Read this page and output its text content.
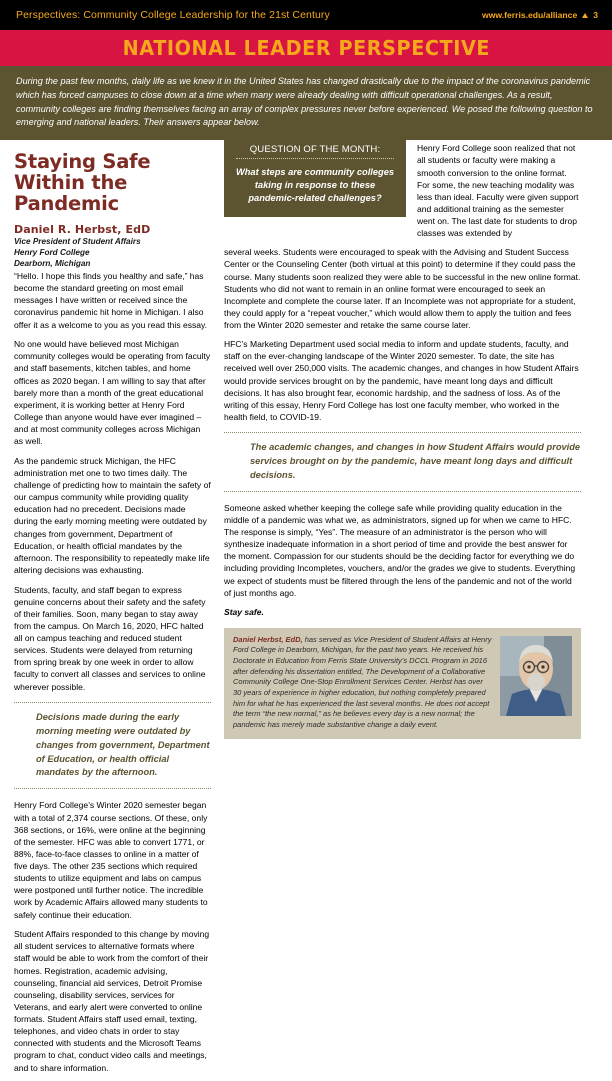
Perspectives: Community College Leadership for the 21st Century	www.ferris.edu/alliance 3
NATIONAL LEADER PERSPECTIVE
During the past few months, daily life as we knew it in the United States has changed drastically due to the impact of the coronavirus pandemic which has forced campuses to close down at a time when many were already dealing with difficult operational challenges. As a result, community colleges are finding themselves facing an array of complex pressures never before experienced. We posed the following question to emerging and national leaders. Their answers appear below.
Staying Safe Within the Pandemic
Daniel R. Herbst, EdD
Vice President of Student Affairs
Henry Ford College
Dearborn, Michigan

“Hello. I hope this finds you healthy and safe,” has become the standard greeting on most email messages I have written or received since the coronavirus pandemic hit home in Michigan. I also offer it as a welcome to you as you read this essay.

No one would have believed most Michigan community colleges would be operating from faculty and staff basements, kitchen tables, and home offices as 2020 began. I am willing to say that after barely more than a month of the great educational experiment, it is working better at Henry Ford College than anyone would have ever imagined – and at most community colleges across Michigan as well.

As the pandemic struck Michigan, the HFC administration met one to two times daily. The challenge of predicting how to maintain the safety of our campus community while providing quality education had no precedent. Decisions made during the early morning meeting were outdated by changes from government, Department of Education, or health official mandates by the afternoon. The responsibility to repeatedly make life altering decisions was exhausting.

Students, faculty, and staff began to express genuine concerns about their safety and the safety of their families. Soon, many began to stay away from the campus. On March 16, 2020, HFC halted all on campus teaching and reduced student services. Students were delayed from returning from spring break by one week in order to allow faculty to convert all classes and services to online wherever possible.

Decisions made during the early morning meeting were outdated by changes from government, Department of Education, or health official mandates by the afternoon.

Henry Ford College’s Winter 2020 semester began with a total of 2,374 course sections. Of these, only 368 sections, or 16%, were online at the beginning of the semester. HFC was able to convert 1771, or 88%, face-to-face classes to online in a matter of five days. The other 235 sections which required students to utilize equipment and labs on campus were postponed until further notice. The incredible work by Academic Affairs allowed many students to safely continue their education.

Student Affairs responded to this change by moving all student services to alternative formats where staff would be able to work from the comfort of their homes. Registration, academic advising, counseling, financial aid services, Detroit Promise counseling, disability services, services for Veterans, and early alert were converted to online formats. Student Affairs staff used email, texting, telephones, and video chats in order to stay connected with students and the Microsoft Teams program to chat, conduct video calls and meetings, and to share information.

QUESTION OF THE MONTH:
What steps are community colleges taking in response to these pandemic-related challenges?

Henry Ford College soon realized that not all students or faculty were making a smooth conversion to the online format. For some, the new teaching modality was less than ideal. Faculty were given support and additional training as the semester went on. The last date for students to drop classes was extended by

several weeks. Students were encouraged to speak with the Advising and Student Success Center or the Counseling Center (both virtual at this point) to determine if they could pass the course. Many students soon realized they were able to be successful in the new online format. Students who did not want to remain in an online format were encouraged to seek an Incomplete and complete the course later. If an Incomplete was not appropriate for a student, they could apply for a “repeat voucher,” which would allow them to apply the tuition and fees from the Winter 2020 semester and retake the same course later.

HFC’s Marketing Department used social media to inform and update students, faculty, and staff on the ever-changing landscape of the Winter 2020 semester. To date, the site has received well over 250,000 visits. The academic changes, and changes in how Student Affairs would provide services brought on by the pandemic, have meant long days and difficult decisions. It has also brought fear, economic hardship, and the sadness of loss. As of the writing of this essay, Henry Ford College has lost one faculty member, who worked in the health field, to COVID-19.

The academic changes, and changes in how Student Affairs would provide services brought on by the pandemic, have meant long days and difficult decisions.

Someone asked whether keeping the college safe while providing quality education in the middle of a pandemic was what we, as administrators, signed up for when we came to HFC. The response is simply, “Yes”. The measure of an administrator is the person who will synthesize inadequate information in a short period of time and provide the best answer for the moment. Compassion for our students should be the deciding factor for everything we do including providing Incompletes, vouchers, and/or the grades we give to students. Everything we expect of students must be filtered through the lens of the pandemic and not of the world of just months ago.

Stay safe.
Daniel Herbst, EdD, has served as Vice President of Student Affairs at Henry Ford College in Dearborn, Michigan, for the past two years. He received his Doctorate in Education from Ferris State University’s DCCL Program in 2016 after defending his dissertation entitled, The Development of a Collaborative Community College One-Stop Enrollment Services Center. Herbst has over 30 years of experience in higher education, but nothing completely prepared him for what he has experienced the last several months. He does not accept the term “the new normal,” as he believes every day is a new normal; the pandemic has merely made substantive change a daily event.
